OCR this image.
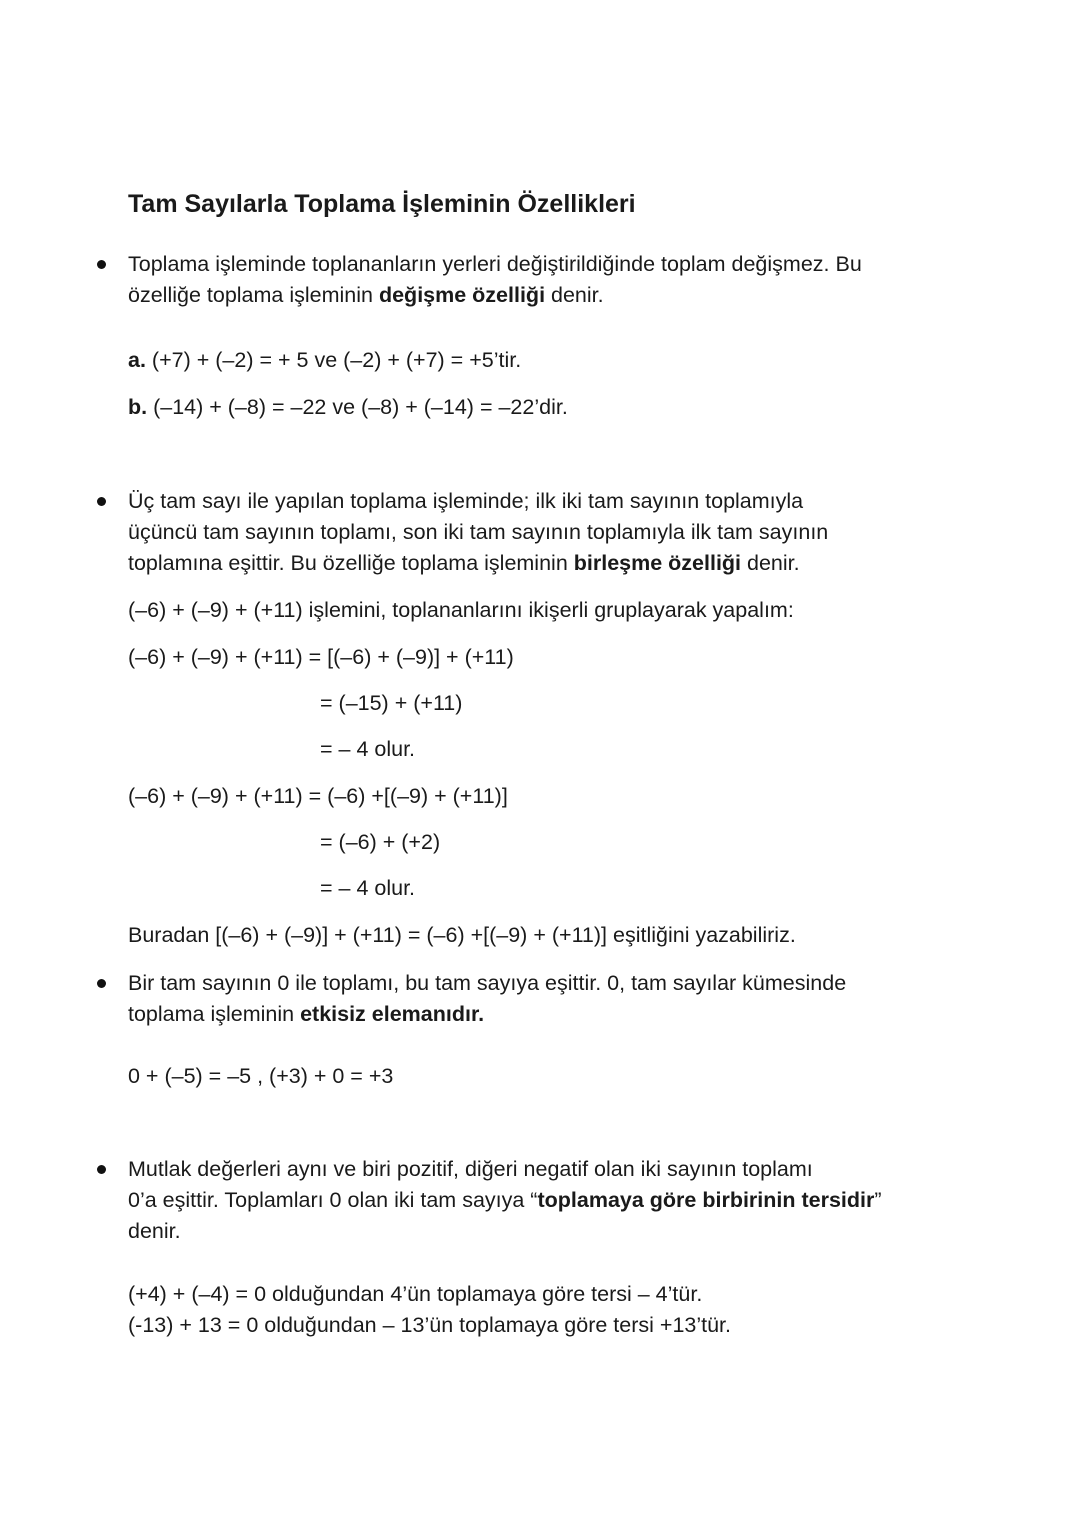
Tam Sayılarla Toplama İşleminin Özellikleri
Toplama işleminde toplananların yerleri değiştirildiğinde toplam değişmez. Bu
özelliğe toplama işleminin değişme özelliği denir.
a. (+7) + (–2) = + 5 ve (–2) + (+7) = +5’tir.
b. (–14) + (–8) = –22 ve (–8) + (–14) = –22’dir.
Üç tam sayı ile yapılan toplama işleminde; ilk iki tam sayının toplamıyla
üçüncü tam sayının toplamı, son iki tam sayının toplamıyla ilk tam sayının
toplamına eşittir. Bu özelliğe toplama işleminin birleşme özelliği denir.
(–6) + (–9) + (+11) işlemini, toplananlarını ikişerli gruplayarak yapalım:
(–6) + (–9) + (+11) = [(–6) + (–9)] + (+11)
= (–15) + (+11)
= – 4 olur.
(–6) + (–9) + (+11) = (–6) +[(–9) + (+11)]
= (–6) + (+2)
= – 4 olur.
Buradan [(–6) + (–9)] + (+11) = (–6) +[(–9) + (+11)] eşitliğini yazabiliriz.
Bir tam sayının 0 ile toplamı, bu tam sayıya eşittir. 0, tam sayılar kümesinde
toplama işleminin etkisiz elemanıdır.
0 + (–5) = –5 , (+3) + 0 = +3
Mutlak değerleri aynı ve biri pozitif, diğeri negatif olan iki sayının toplamı
0’a eşittir. Toplamları 0 olan iki tam sayıya “toplamaya göre birbirinin tersidir”
denir.
(+4) + (–4) = 0 olduğundan 4’ün toplamaya göre tersi – 4’tür.
(-13) + 13 = 0 olduğundan – 13’ün toplamaya göre tersi +13’tür.
